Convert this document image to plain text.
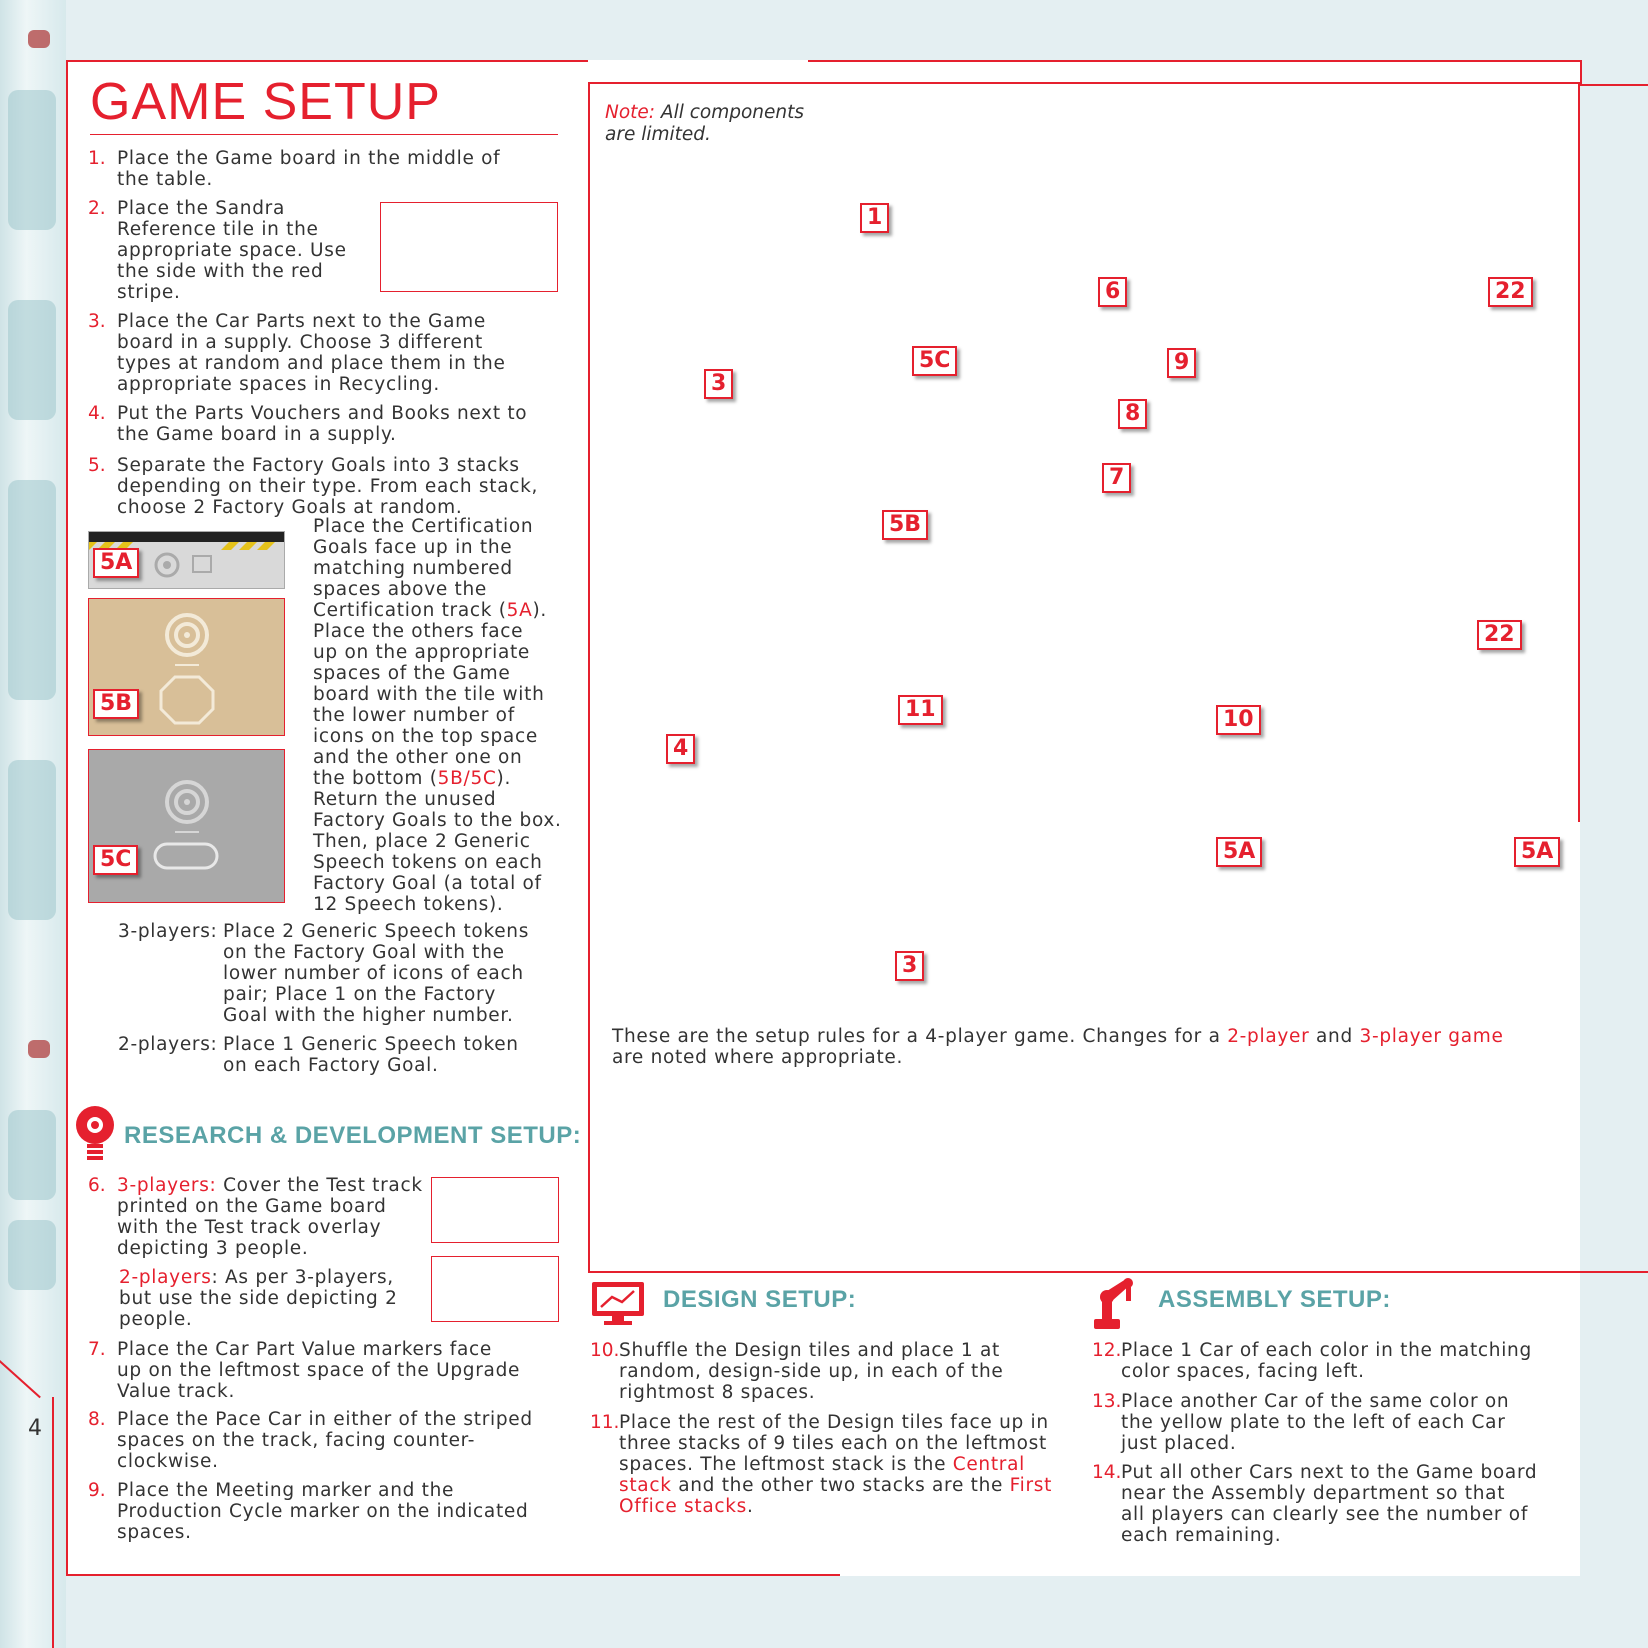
4
GAME SETUP
1. Place the Game board in the middle of
the table.
2. Place the Sandra
Reference tile in the
appropriate space. Use
the side with the red
stripe.
3. Place the Car Parts next to the Game
board in a supply. Choose 3 different
types at random and place them in the
appropriate spaces in Recycling.
4. Put the Parts Vouchers and Books next to
the Game board in a supply.
5. Separate the Factory Goals into 3 stacks
depending on their type. From each stack,
choose 2 Factory Goals at random.
5A
5B
5C
Place the Certification
Goals face up in the
matching numbered
spaces above the
Certification track (5A).
Place the others face
up on the appropriate
spaces of the Game
board with the tile with
the lower number of
icons on the top space
and the other one on
the bottom (5B/5C).
Return the unused
Factory Goals to the box.
Then, place 2 Generic
Speech tokens on each
Factory Goal (a total of
12 Speech tokens).
3-players: Place 2 Generic Speech tokens
on the Factory Goal with the
lower number of icons of each
pair; Place 1 on the Factory
Goal with the higher number.
2-players: Place 1 Generic Speech token
on each Factory Goal.
RESEARCH & DEVELOPMENT SETUP:
6. 3-players: Cover the Test track
printed on the Game board
with the Test track overlay
depicting 3 people.
2-players: As per 3-players,
but use the side depicting 2
people.
7. Place the Car Part Value markers face
up on the leftmost space of the Upgrade
Value track.
8. Place the Pace Car in either of the striped
spaces on the track, facing counter-
clockwise.
9. Place the Meeting marker and the
Production Cycle marker on the indicated
spaces.
Note: All components
are limited.
1
6	22
5C	9
3
8
7
5B
22
11	10
4
5A	5A
3
These are the setup rules for a 4-player game. Changes for a 2-player and 3-player game
are noted where appropriate.
DESIGN SETUP:
10. Shuffle the Design tiles and place 1 at
random, design-side up, in each of the
rightmost 8 spaces.
11. Place the rest of the Design tiles face up in
three stacks of 9 tiles each on the leftmost
spaces. The leftmost stack is the Central
stack and the other two stacks are the First
Office stacks.
ASSEMBLY SETUP:
12. Place 1 Car of each color in the matching
color spaces, facing left.
13. Place another Car of the same color on
the yellow plate to the left of each Car
just placed.
14. Put all other Cars next to the Game board
near the Assembly department so that
all players can clearly see the number of
each remaining.
